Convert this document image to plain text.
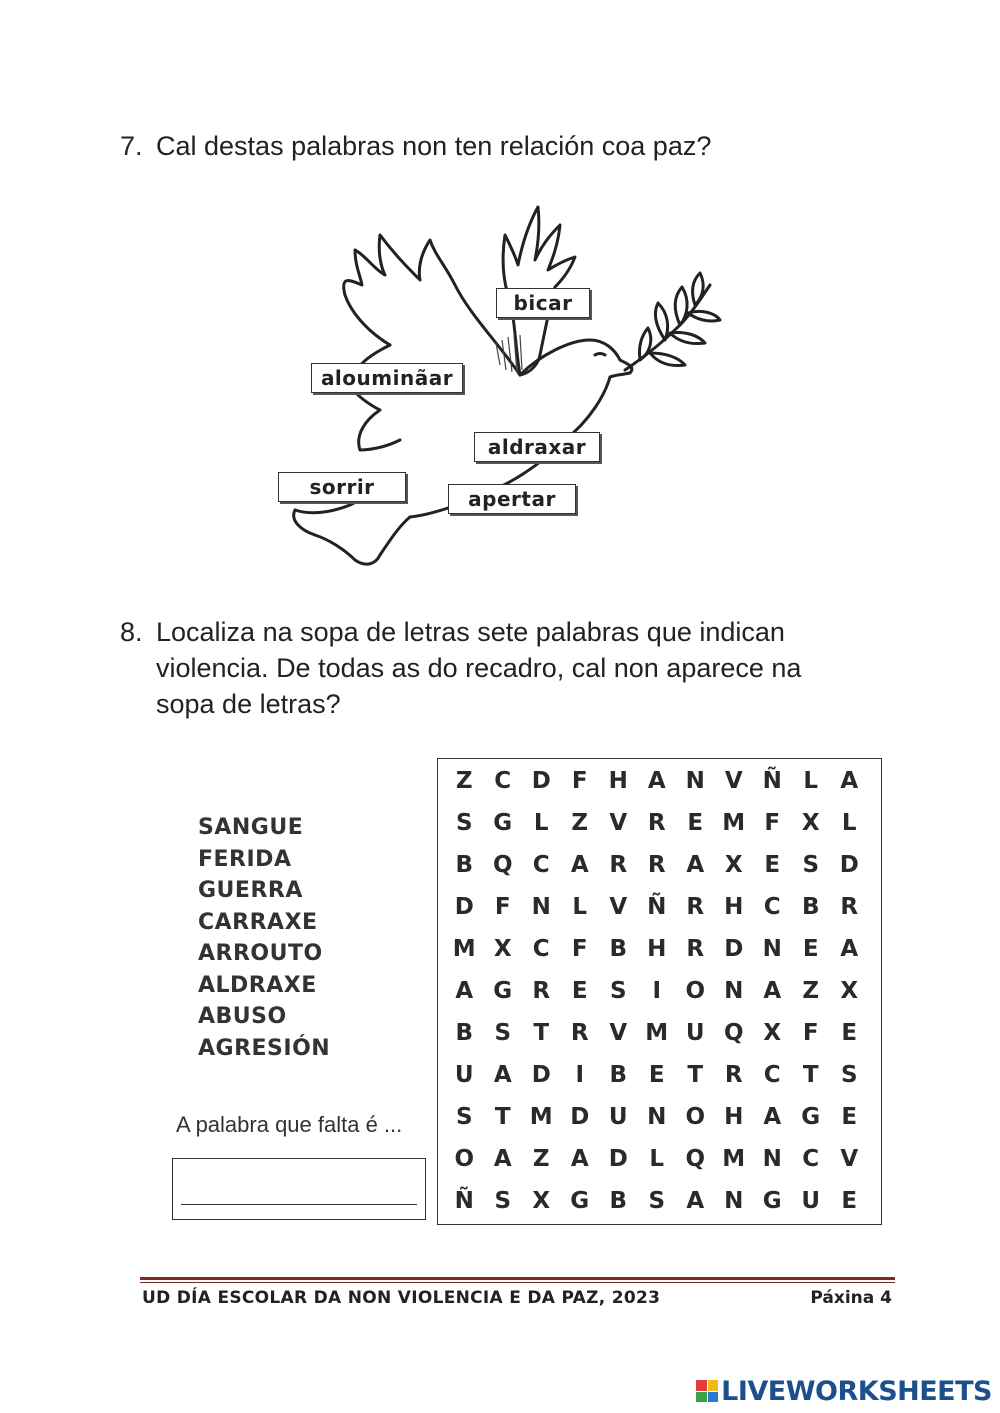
7. Cal destas palabras non ten relación coa paz?
bicar
alouminãar
aldraxar
sorrir	apertar
8. Localiza na sopa de letras sete palabras que indican violencia. De todas as do recadro, cal non aparece na sopa de letras?
SANGUE
FERIDA
GUERRA
CARRAXE
ARROUTO
ALDRAXE
ABUSO
AGRESIÓN
A palabra que falta é ...
Z C D F H A N V Ñ L A
S G L Z V R E M F X L
B Q C A R R A X E S D
D F N L V Ñ R H C B R
M X C F B H R D N E A
A G R E S	I	O N A Z X
B S T R V M U Q X F E
U A D	I	B E T R C T S
S T M D U N O H A G E
O A Z A D L Q M N C V
Ñ S X G B S A N G U E
UD DÍA ESCOLAR DA NON VIOLENCIA E DA PAZ, 2023	Páxina 4
LIVEWORKSHEETS
